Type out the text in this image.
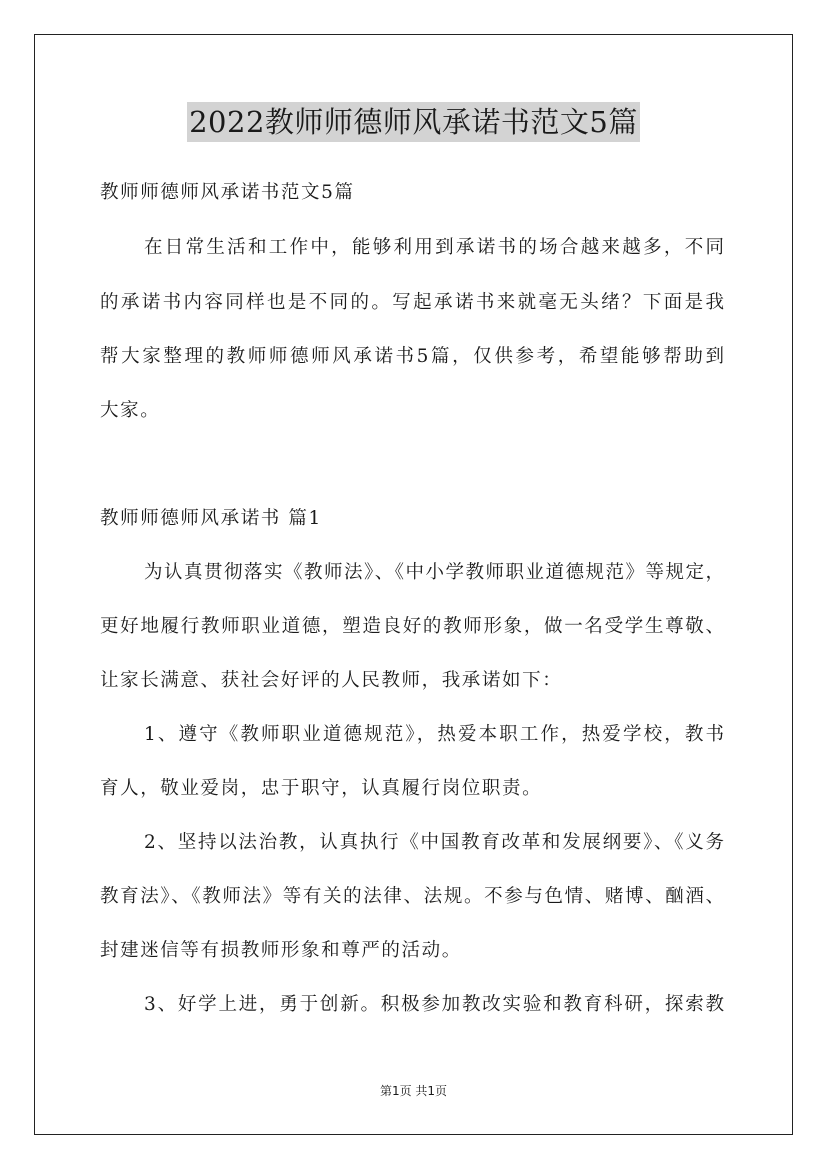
2022教师师德师风承诺书范文5篇
教师师德师风承诺书范文5篇
在日常生活和工作中，能够利用到承诺书的场合越来越多，不同
的承诺书内容同样也是不同的。写起承诺书来就毫无头绪？下面是我
帮大家整理的教师师德师风承诺书5篇，仅供参考，希望能够帮助到
大家。
教师师德师风承诺书 篇1
为认真贯彻落实《教师法》、《中小学教师职业道德规范》等规定，
更好地履行教师职业道德，塑造良好的教师形象，做一名受学生尊敬、
让家长满意、获社会好评的人民教师，我承诺如下：
1、遵守《教师职业道德规范》，热爱本职工作，热爱学校，教书
育人，敬业爱岗，忠于职守，认真履行岗位职责。
2、坚持以法治教，认真执行《中国教育改革和发展纲要》、《义务
教育法》、《教师法》等有关的法律、法规。不参与色情、赌博、酗酒、
封建迷信等有损教师形象和尊严的活动。
3、好学上进，勇于创新。积极参加教改实验和教育科研，探索教
第1页 共1页
